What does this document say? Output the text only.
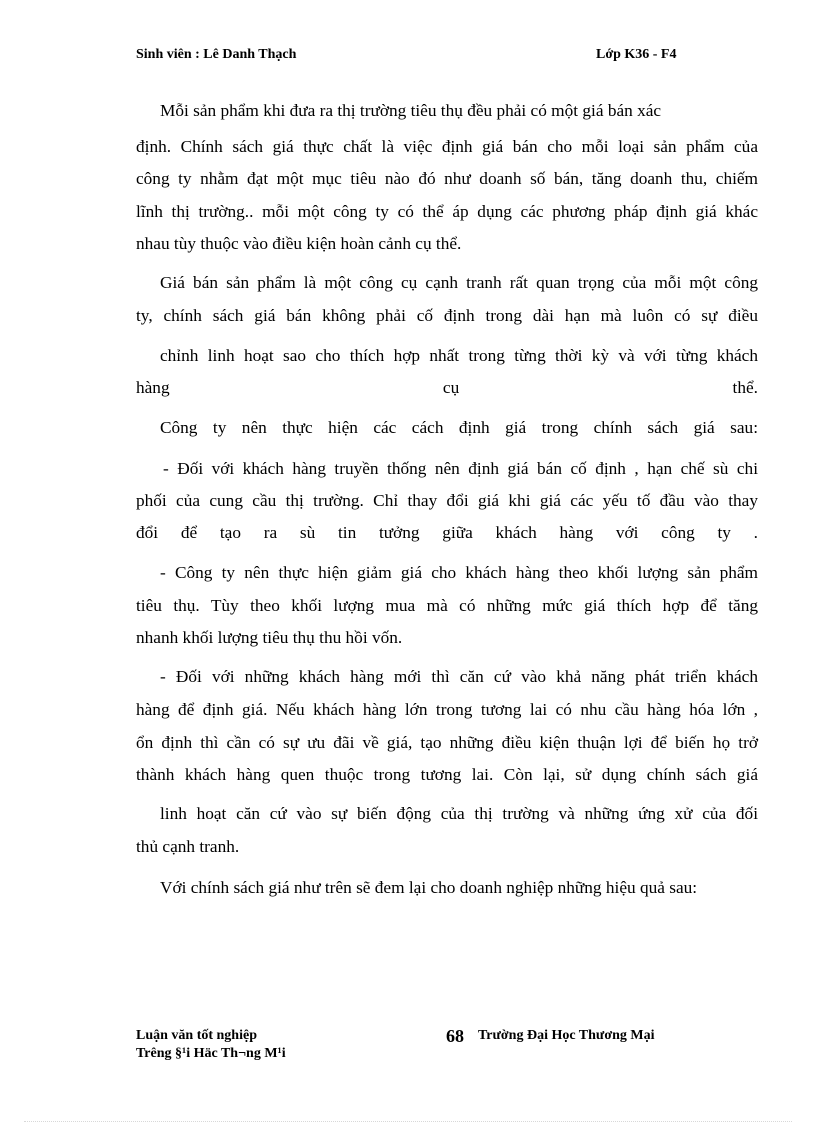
Sinh viên : Lê Danh Thạch	Lớp K36 - F4
Mỗi sản phẩm khi đưa ra thị trường tiêu thụ đều phải có một giá bán xác
định. Chính sách giá thực chất là việc định giá bán cho mỗi loại sản phẩm của
công ty nhằm đạt một mục tiêu nào đó như doanh số bán, tăng doanh thu, chiếm
lĩnh thị trường.. mỗi một công ty có thể áp dụng các phương pháp định giá khác
nhau tùy thuộc vào điều kiện hoàn cảnh cụ thể.
Giá bán sản phẩm là một công cụ cạnh tranh rất quan trọng của mỗi một công
ty, chính sách giá bán không phải cố định trong dài hạn mà luôn có sự điều
chỉnh linh hoạt sao cho thích hợp nhất trong từng thời kỳ và với từng khách
hàng cụ thể.
Công ty nên thực hiện các cách định giá trong chính sách giá sau:
- Đối với khách hàng truyền thống nên định giá bán cố định , hạn chế sù chi
phối của cung cầu thị trường. Chỉ thay đổi giá khi giá các yếu tố đầu vào thay
đổi để tạo ra sù tin tưởng giữa khách hàng với công ty .
- Công ty nên thực hiện giảm giá cho khách hàng theo khối lượng sản phẩm
tiêu thụ. Tùy theo khối lượng mua mà có những mức giá thích hợp để tăng
nhanh khối lượng tiêu thụ thu hồi vốn.
- Đối với những khách hàng mới thì căn cứ vào khả năng phát triển khách
hàng để định giá. Nếu khách hàng lớn trong tương lai có nhu cầu hàng hóa lớn ,
ổn định thì cần có sự ưu đãi về giá, tạo những điều kiện thuận lợi để biến họ trở
thành khách hàng quen thuộc trong tương lai. Còn lại, sử dụng chính sách giá
linh hoạt căn cứ vào sự biến động của thị trường và những ứng xử của đối
thủ cạnh tranh.
Với chính sách giá như trên sẽ đem lại cho doanh nghiệp những hiệu quả sau:
Luận văn tốt nghiệp	68 Trường Đại Học Thương Mại
Trêng §¹i Häc Th¬ng M¹i
